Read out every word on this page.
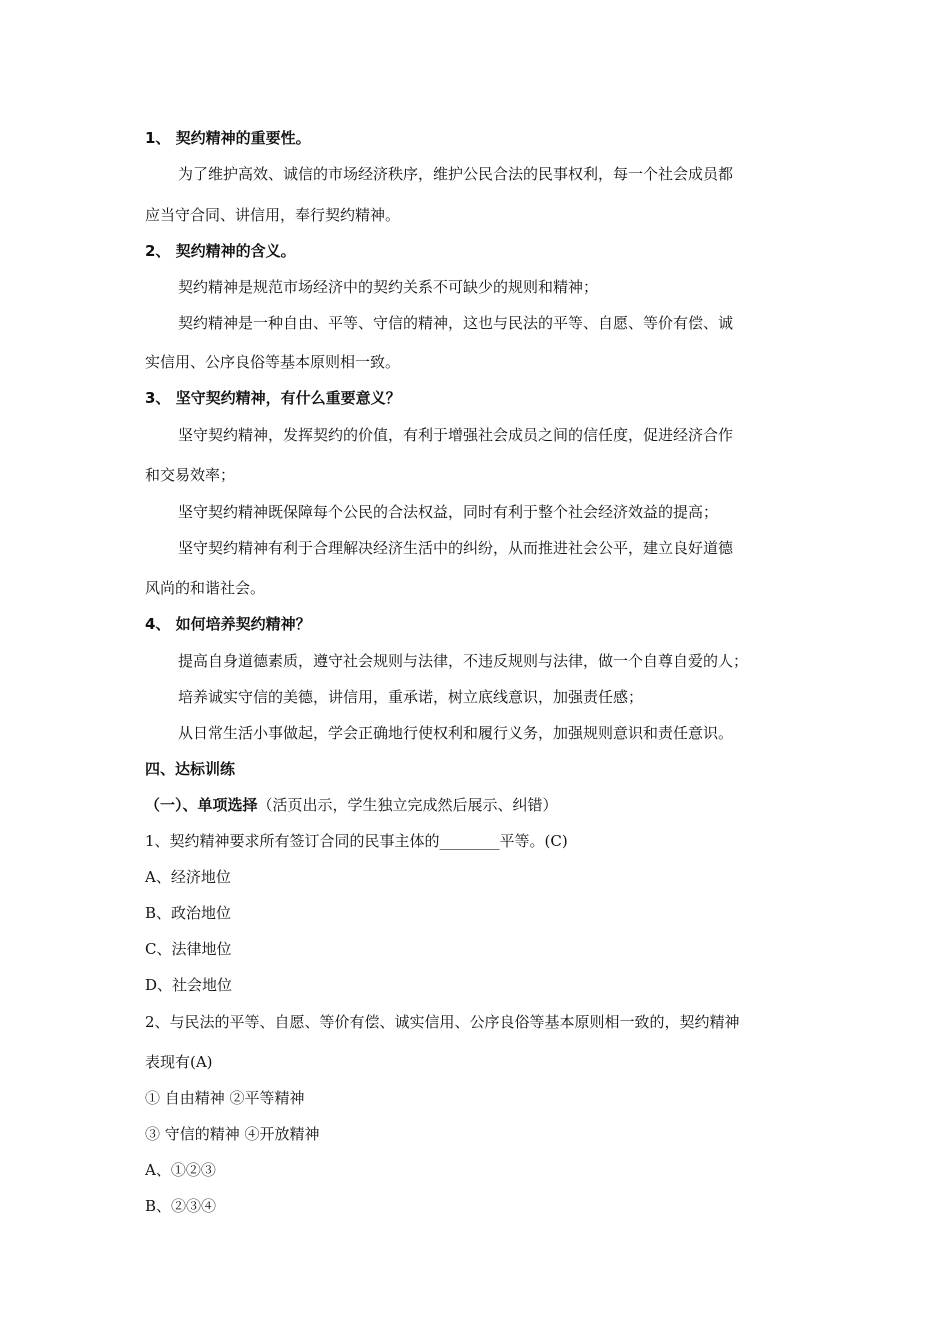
1、 契约精神的重要性。
为了维护高效、诚信的市场经济秩序，维护公民合法的民事权利，每一个社会成员都
应当守合同、讲信用，奉行契约精神。
2、 契约精神的含义。
契约精神是规范市场经济中的契约关系不可缺少的规则和精神；
契约精神是一种自由、平等、守信的精神，这也与民法的平等、自愿、等价有偿、诚
实信用、公序良俗等基本原则相一致。
3、 坚守契约精神，有什么重要意义？
坚守契约精神，发挥契约的价值，有利于增强社会成员之间的信任度，促进经济合作
和交易效率；
坚守契约精神既保障每个公民的合法权益，同时有利于整个社会经济效益的提高；
坚守契约精神有利于合理解决经济生活中的纠纷，从而推进社会公平，建立良好道德
风尚的和谐社会。
4、 如何培养契约精神？
提高自身道德素质，遵守社会规则与法律，不违反规则与法律，做一个自尊自爱的人；
培养诚实守信的美德，讲信用，重承诺，树立底线意识，加强责任感；
从日常生活小事做起，学会正确地行使权利和履行义务，加强规则意识和责任意识。
四、达标训练
（一）、单项选择（活页出示，学生独立完成然后展示、纠错）
1、契约精神要求所有签订合同的民事主体的________平等。(C)
A、经济地位
B、政治地位
C、法律地位
D、社会地位
2、与民法的平等、自愿、等价有偿、诚实信用、公序良俗等基本原则相一致的，契约精神
表现有(A)
① 自由精神 ②平等精神
③ 守信的精神 ④开放精神
A、①②③
B、②③④
